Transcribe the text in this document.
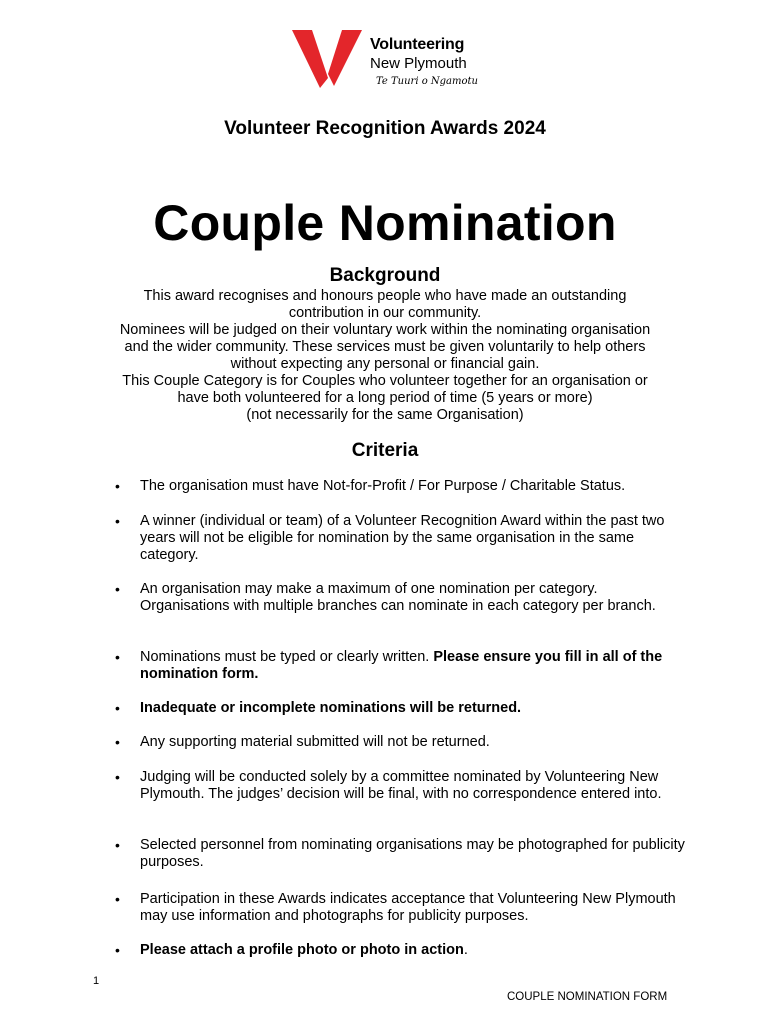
Volunteering
New Plymouth
Te Tuuri o Ngamotu
Volunteer Recognition Awards 2024
Couple Nomination
Background
This award recognises and honours people who have made an outstanding
contribution in our community.
Nominees will be judged on their voluntary work within the nominating organisation
and the wider community. These services must be given voluntarily to help others
without expecting any personal or financial gain.
This Couple Category is for Couples who volunteer together for an organisation or
have both volunteered for a long period of time (5 years or more)
(not necessarily for the same Organisation)
Criteria
• The organisation must have Not-for-Profit / For Purpose / Charitable Status.
• A winner (individual or team) of a Volunteer Recognition Award within the past two years will not be eligible for nomination by the same organisation in the same category.
• An organisation may make a maximum of one nomination per category. Organisations with multiple branches can nominate in each category per branch.
• Nominations must be typed or clearly written. Please ensure you fill in all of the nomination form.
• Inadequate or incomplete nominations will be returned.
• Any supporting material submitted will not be returned.
• Judging will be conducted solely by a committee nominated by Volunteering New Plymouth. The judges’ decision will be final, with no correspondence entered into.
• Selected personnel from nominating organisations may be photographed for publicity purposes.
• Participation in these Awards indicates acceptance that Volunteering New Plymouth may use information and photographs for publicity purposes.
• Please attach a profile photo or photo in action.
1
COUPLE NOMINATION FORM
